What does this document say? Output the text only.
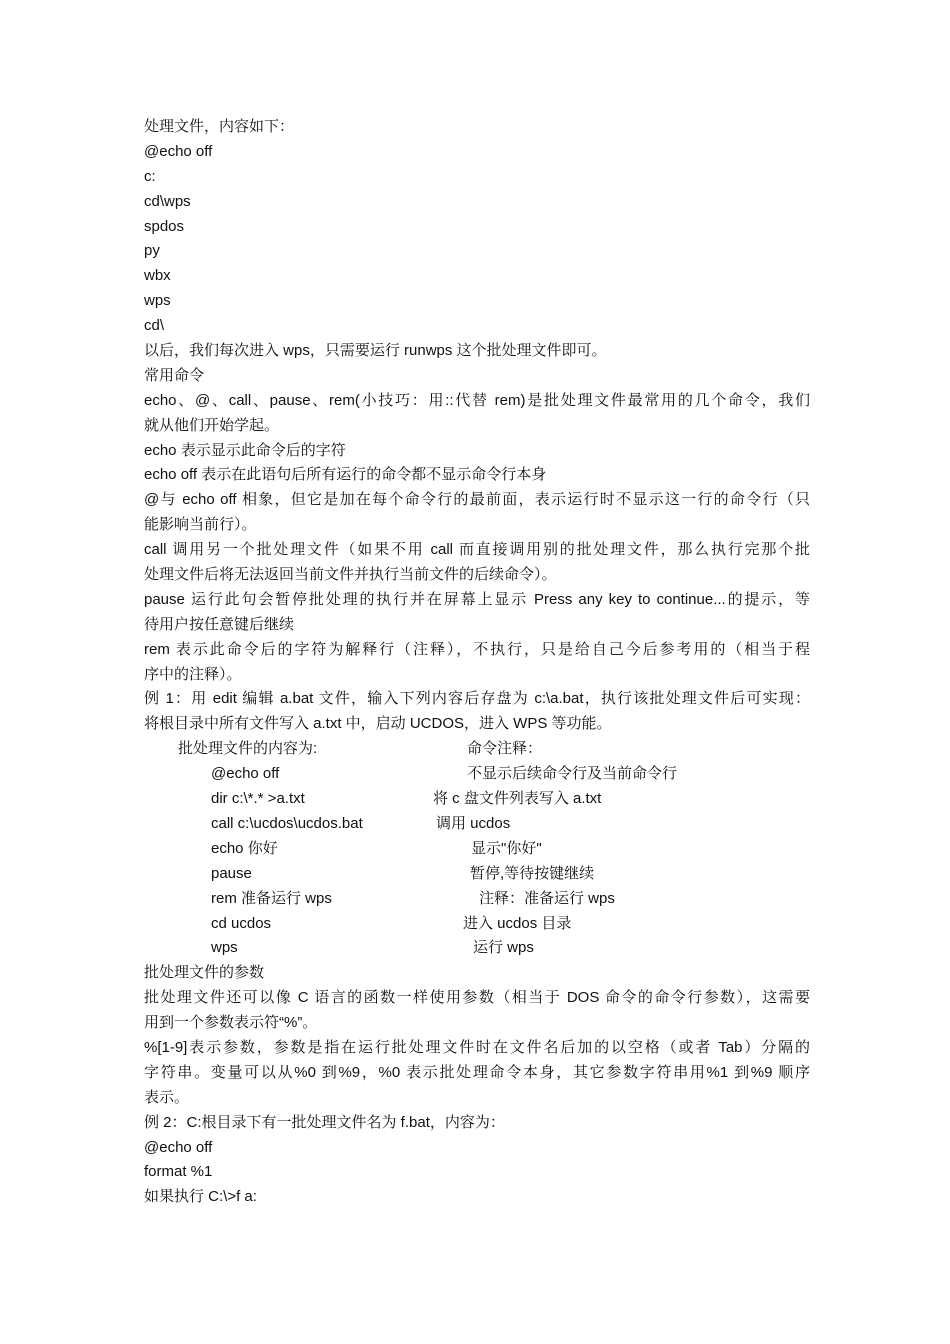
处理文件，内容如下：
@echo off
c:
cd\wps
spdos
py
wbx
wps
cd\
以后，我们每次进入 wps，只需要运行 runwps 这个批处理文件即可。
常用命令
echo、@、call、pause、rem(小技巧：用::代替 rem)是批处理文件最常用的几个命令，我们
就从他们开始学起。
echo 表示显示此命令后的字符
echo off 表示在此语句后所有运行的命令都不显示命令行本身
@与 echo off 相象，但它是加在每个命令行的最前面，表示运行时不显示这一行的命令行（只
能影响当前行）。
call 调用另一个批处理文件（如果不用 call 而直接调用别的批处理文件，那么执行完那个批
处理文件后将无法返回当前文件并执行当前文件的后续命令）。
pause 运行此句会暂停批处理的执行并在屏幕上显示 Press any key to continue...的提示，等
待用户按任意键后继续
rem 表示此命令后的字符为解释行（注释），不执行，只是给自己今后参考用的（相当于程
序中的注释）。
例 1：用 edit 编辑 a.bat 文件，输入下列内容后存盘为 c:\a.bat，执行该批处理文件后可实现：
将根目录中所有文件写入 a.txt 中，启动 UCDOS，进入 WPS 等功能。
批处理文件的内容为:	命令注释：
@echo off	不显示后续命令行及当前命令行
dir c:\*.* >a.txt	将 c 盘文件列表写入 a.txt
call c:\ucdos\ucdos.bat	调用 ucdos
echo 你好	显示"你好"
pause	暂停,等待按键继续
rem 准备运行 wps	注释：准备运行 wps
cd ucdos	进入 ucdos 目录
wps	运行 wps
批处理文件的参数
批处理文件还可以像 C 语言的函数一样使用参数（相当于 DOS 命令的命令行参数），这需要
用到一个参数表示符“%”。
%[1-9]表示参数，参数是指在运行批处理文件时在文件名后加的以空格（或者 Tab）分隔的
字符串。变量可以从%0 到%9，%0 表示批处理命令本身，其它参数字符串用%1 到%9 顺序
表示。
例 2：C:根目录下有一批处理文件名为 f.bat，内容为：
@echo off
format %1
如果执行 C:\>f a:
